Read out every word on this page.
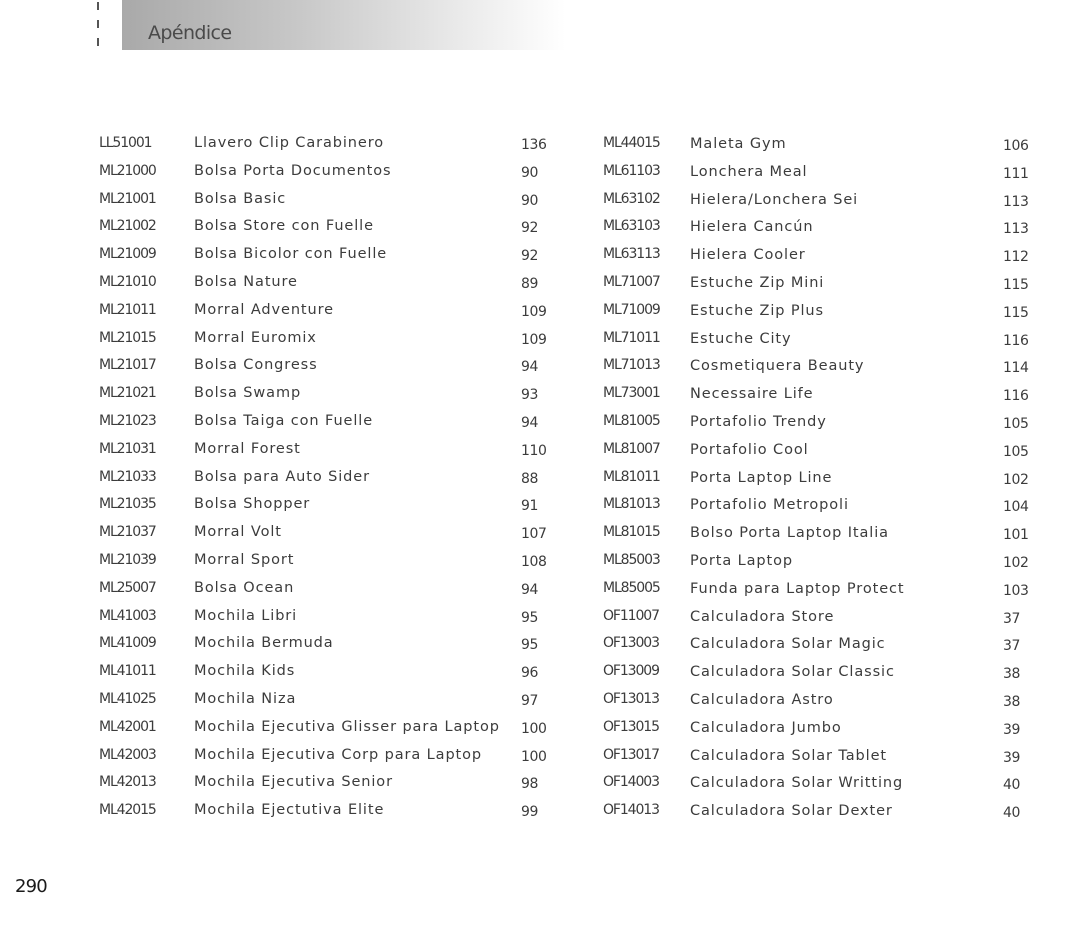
Apéndice
LL51001	Llavero Clip Carabinero	136
ML21000	Bolsa Porta Documentos	90
ML21001	Bolsa Basic	90
ML21002	Bolsa Store con Fuelle	92
ML21009	Bolsa Bicolor con Fuelle	92
ML21010	Bolsa Nature	89
ML21011	Morral Adventure	109
ML21015	Morral Euromix	109
ML21017	Bolsa Congress	94
ML21021	Bolsa Swamp	93
ML21023	Bolsa Taiga con Fuelle	94
ML21031	Morral Forest	110
ML21033	Bolsa para Auto Sider	88
ML21035	Bolsa Shopper	91
ML21037	Morral Volt	107
ML21039	Morral Sport	108
ML25007	Bolsa Ocean	94
ML41003	Mochila Libri	95
ML41009	Mochila Bermuda	95
ML41011	Mochila Kids	96
ML41025	Mochila Niza	97
ML42001	Mochila Ejecutiva Glisser para Laptop 100
ML42003	Mochila Ejecutiva Corp para Laptop	100
ML42013	Mochila Ejecutiva Senior	98
ML42015	Mochila Ejectutiva Elite	99
ML44015 Maleta Gym	106
ML61103 Lonchera Meal	111
ML63102 Hielera/Lonchera Sei	113
ML63103 Hielera Cancún	113
ML63113 Hielera Cooler	112
ML71007 Estuche Zip Mini	115
ML71009 Estuche Zip Plus	115
ML71011 Estuche City	116
ML71013 Cosmetiquera Beauty	114
ML73001 Necessaire Life	116
ML81005 Portafolio Trendy	105
ML81007 Portafolio Cool	105
ML81011 Porta Laptop Line	102
ML81013 Portafolio Metropoli	104
ML81015 Bolso Porta Laptop Italia	101
ML85003 Porta Laptop	102
ML85005 Funda para Laptop Protect	103
OF11007 Calculadora Store	37
OF13003 Calculadora Solar Magic	37
OF13009 Calculadora Solar Classic	38
OF13013 Calculadora Astro	38
OF13015 Calculadora Jumbo	39
OF13017 Calculadora Solar Tablet	39
OF14003 Calculadora Solar Writting	40
OF14013 Calculadora Solar Dexter	40
290
